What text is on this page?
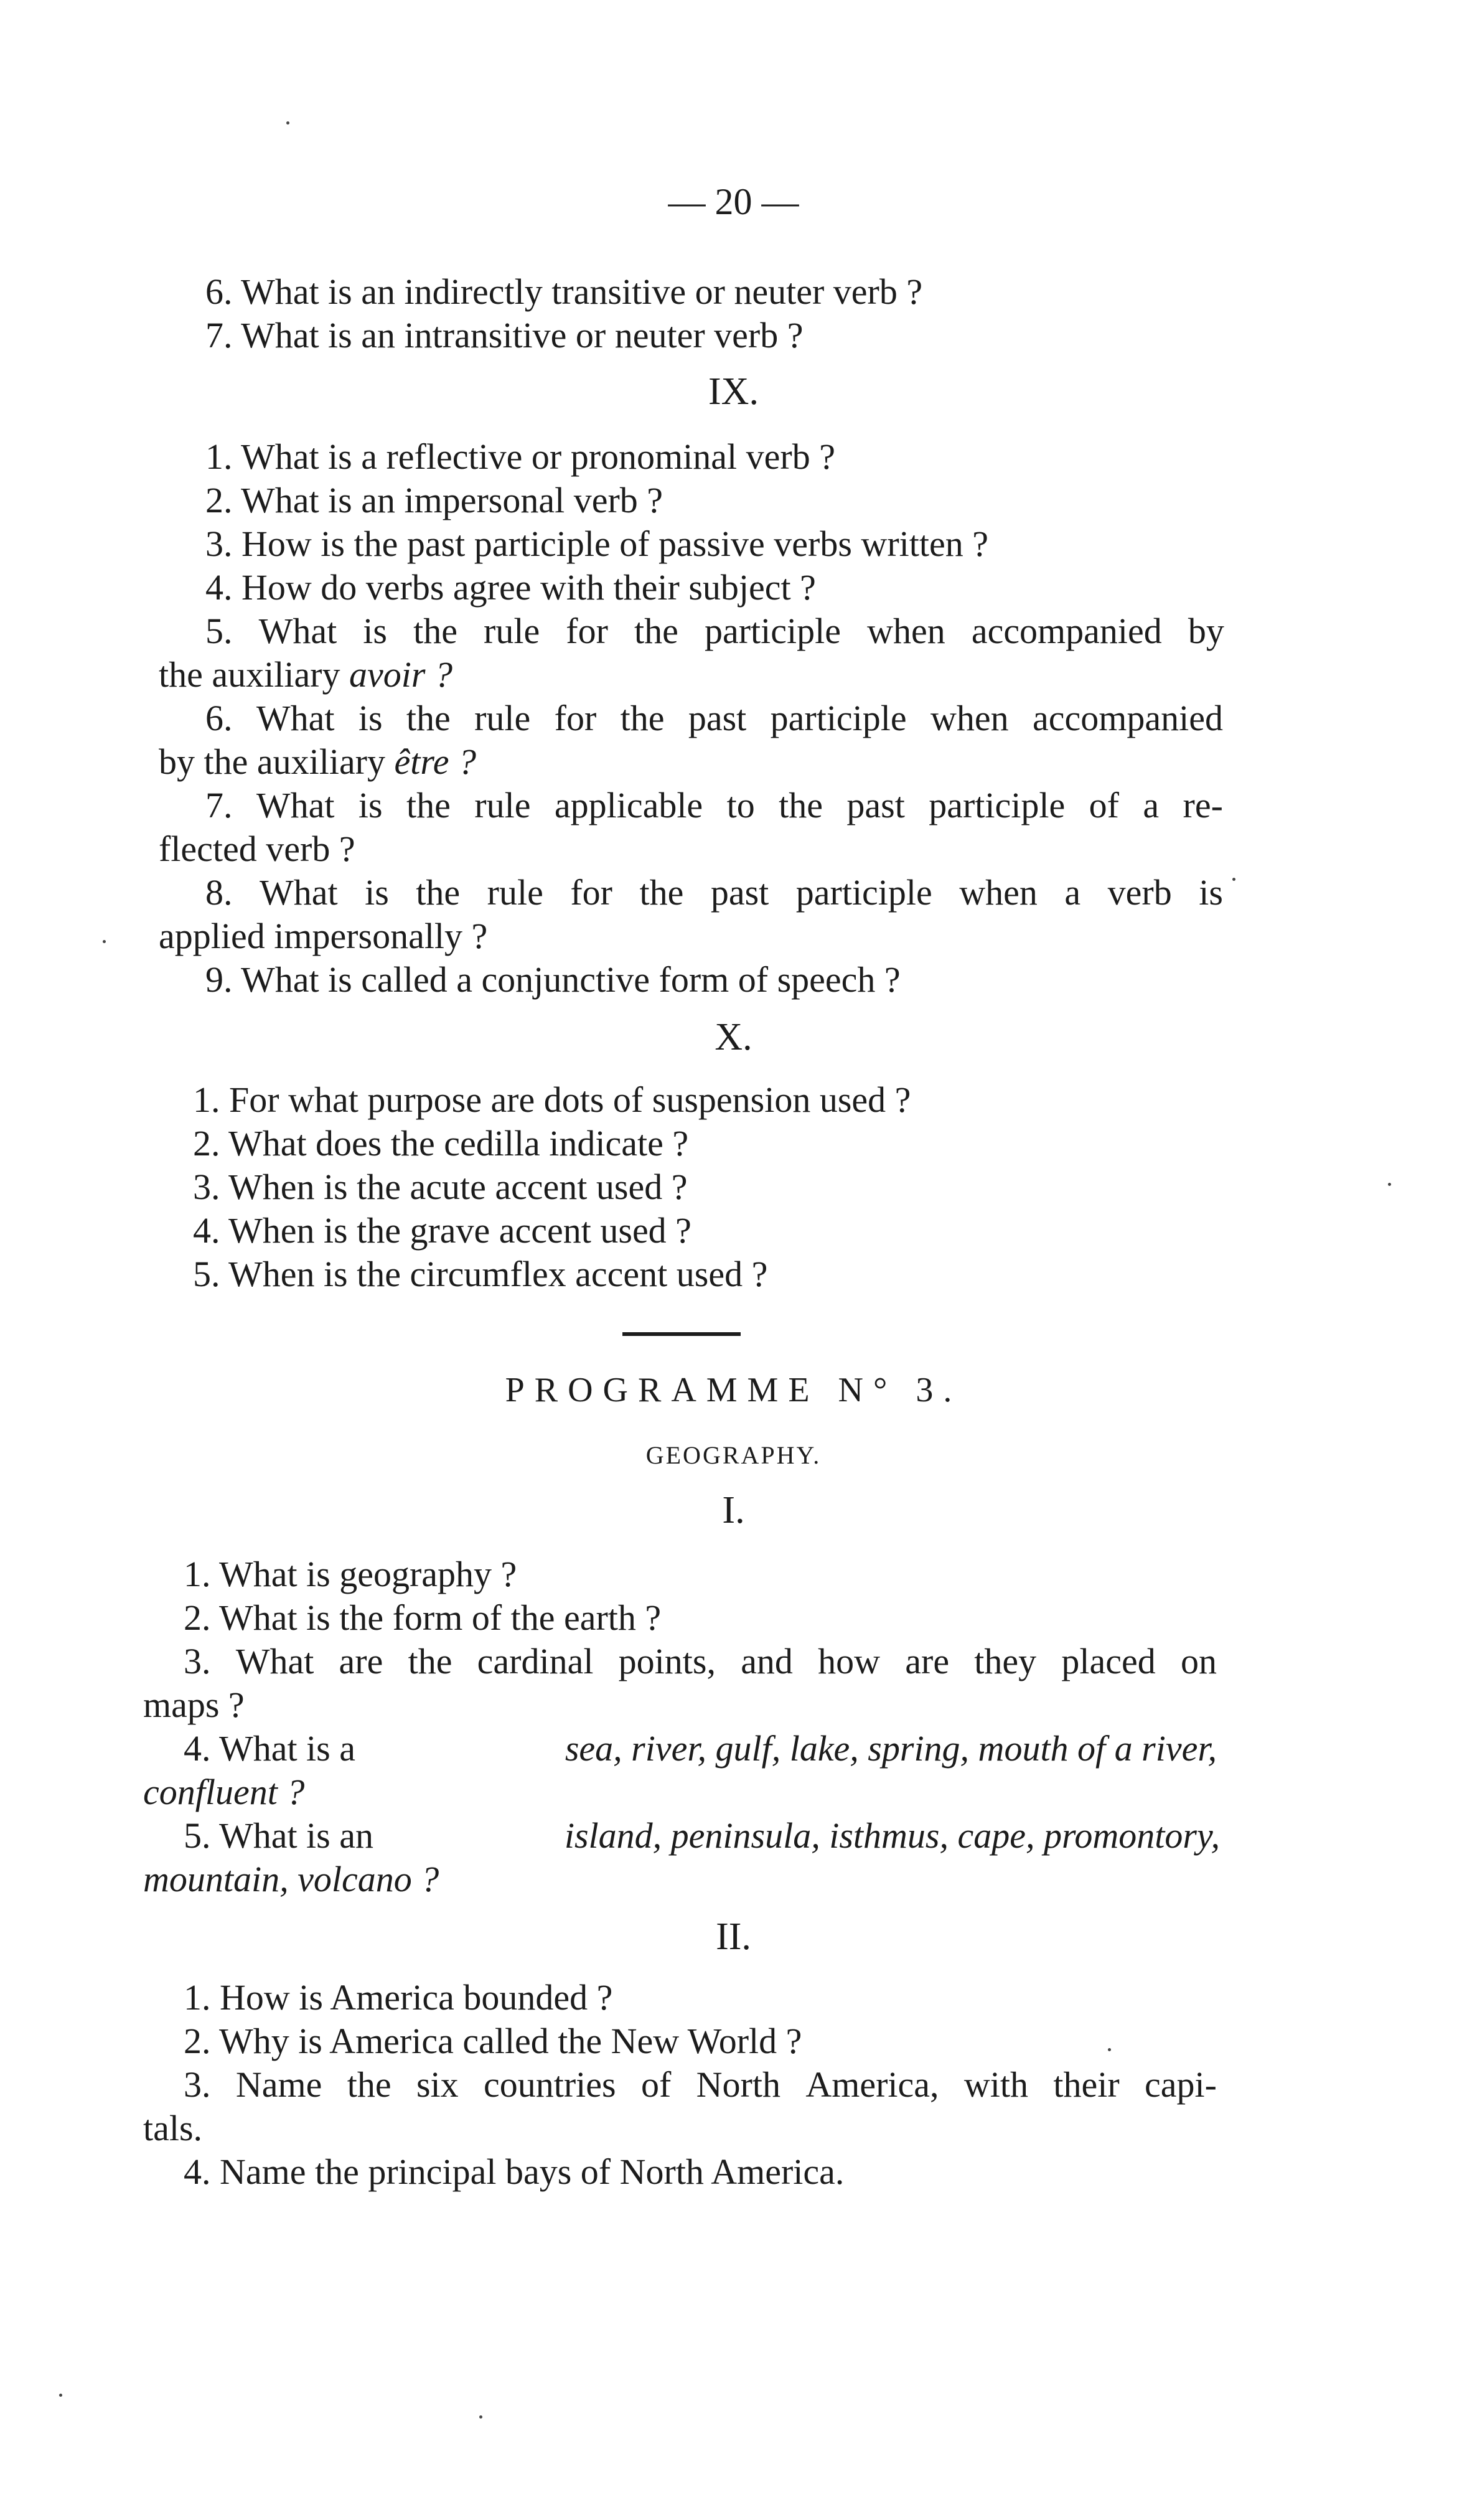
— 20 —
6. What is an indirectly transitive or neuter verb ?
7. What is an intransitive or neuter verb ?
IX.
1. What is a reflective or pronominal verb ?
2. What is an impersonal verb ?
3. How is the past participle of passive verbs written ?
4. How do verbs agree with their subject ?
5. What is the rule for the participle when accompanied by
the auxiliary avoir ?
6. What is the rule for the past participle when accompanied
by the auxiliary être ?
7. What is the rule applicable to the past participle of a re-
flected verb ?
8. What is the rule for the past participle when a verb is
applied impersonally ?
9. What is called a conjunctive form of speech ?
X.
1. For what purpose are dots of suspension used ?
2. What does the cedilla indicate ?
3. When is the acute accent used ?
4. When is the grave accent used ?
5. When is the circumflex accent used ?
PROGRAMME N° 3.
GEOGRAPHY.
I.
1. What is geography ?
2. What is the form of the earth ?
3. What are the cardinal points, and how are they placed on
maps ?
4. What is a	sea, river, gulf, lake, spring, mouth of a river,
confluent ?
5. What is an	island, peninsula, isthmus, cape, promontory,
mountain, volcano ?
II.
1. How is America bounded ?
2. Why is America called the New World ?
3. Name the six countries of North America, with their capi-
tals.
4. Name the principal bays of North America.
